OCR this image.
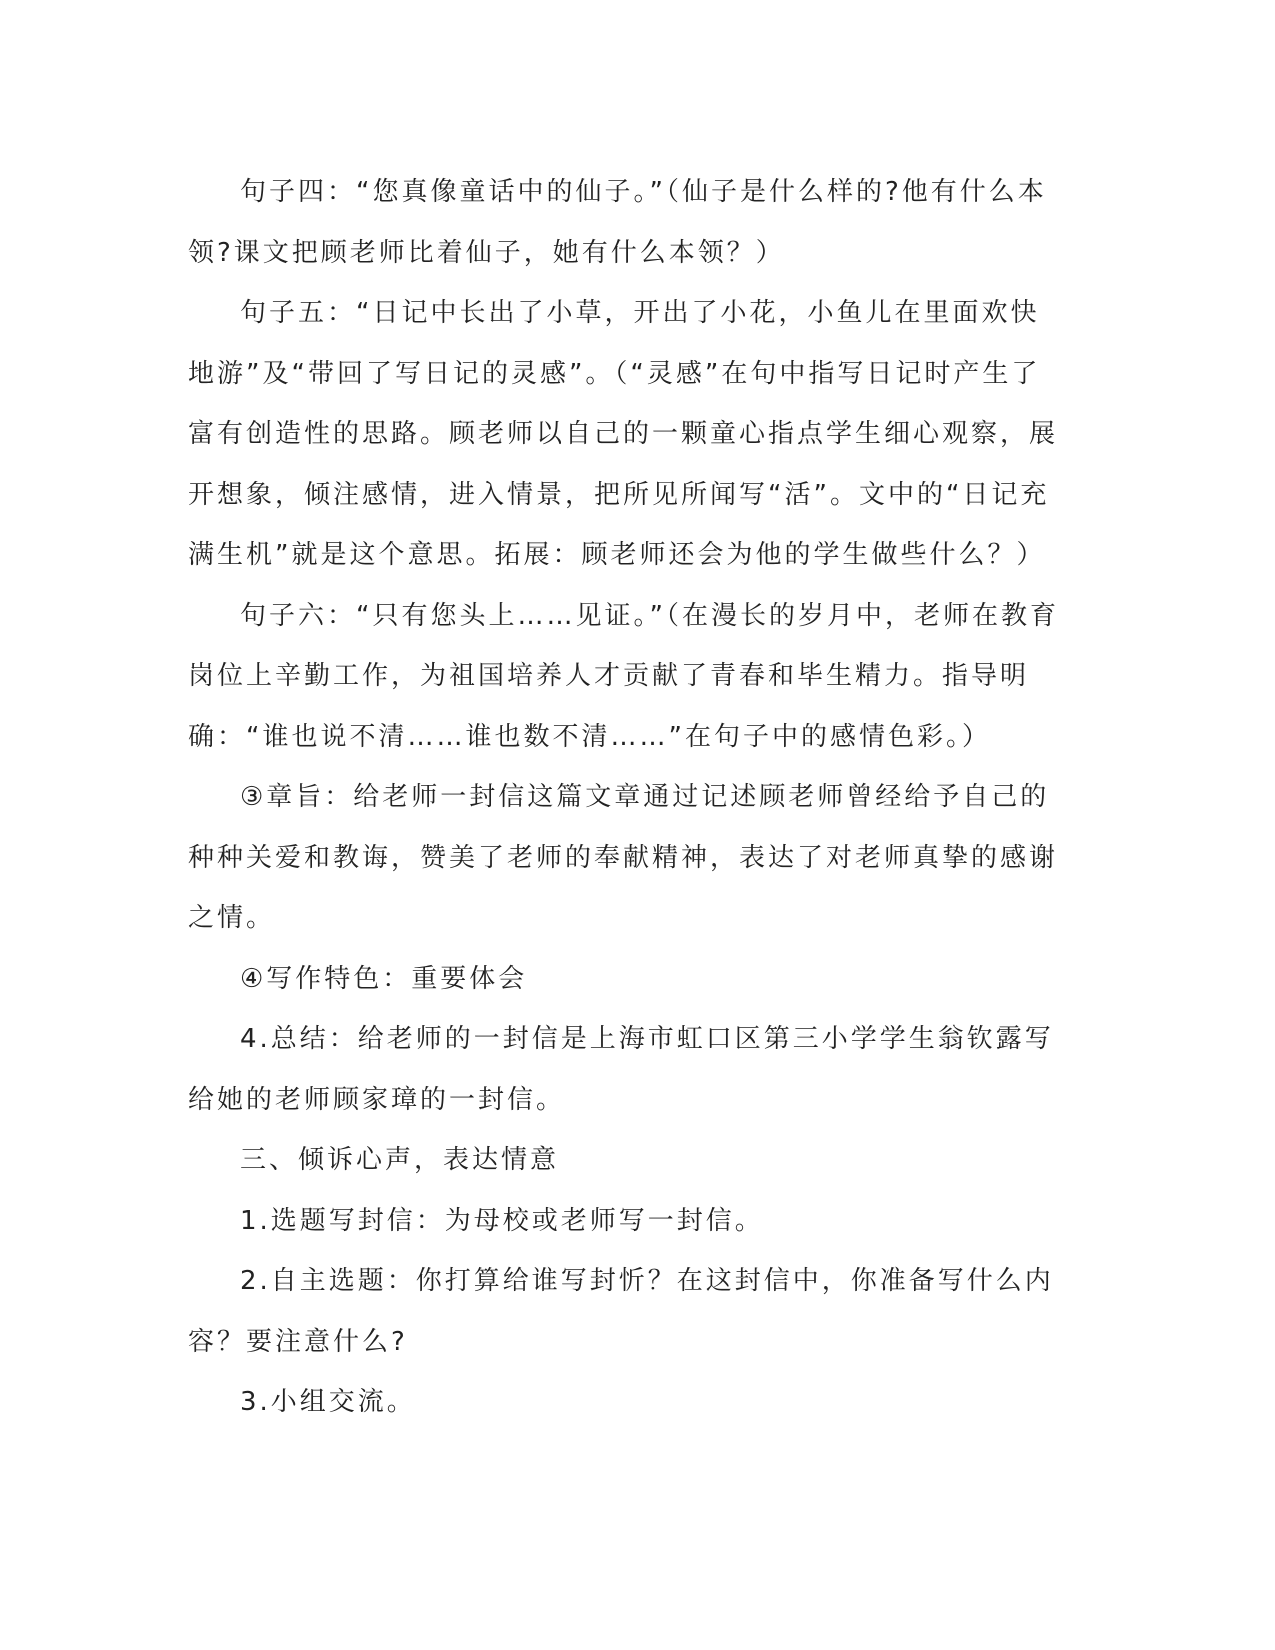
句子四：“您真像童话中的仙子。”（仙子是什么样的?他有什么本领?课文把顾老师比着仙子，她有什么本领？）

句子五：“日记中长出了小草，开出了小花，小鱼儿在里面欢快地游”及“带回了写日记的灵感”。（“灵感”在句中指写日记时产生了富有创造性的思路。顾老师以自己的一颗童心指点学生细心观察，展开想象，倾注感情，进入情景，把所见所闻写“活”。文中的“日记充满生机”就是这个意思。拓展：顾老师还会为他的学生做些什么？）

句子六：“只有您头上……见证。”（在漫长的岁月中，老师在教育岗位上辛勤工作，为祖国培养人才贡献了青春和毕生精力。指导明确：“谁也说不清……谁也数不清……”在句子中的感情色彩。）

③章旨：给老师一封信这篇文章通过记述顾老师曾经给予自己的种种关爱和教诲，赞美了老师的奉献精神，表达了对老师真挚的感谢之情。

④写作特色：重要体会

4.总结：给老师的一封信是上海市虹口区第三小学学生翁钦露写给她的老师顾家璋的一封信。

三、倾诉心声，表达情意

1.选题写封信：为母校或老师写一封信。

2.自主选题：你打算给谁写封忻？在这封信中，你准备写什么内容？要注意什么?

3.小组交流。
